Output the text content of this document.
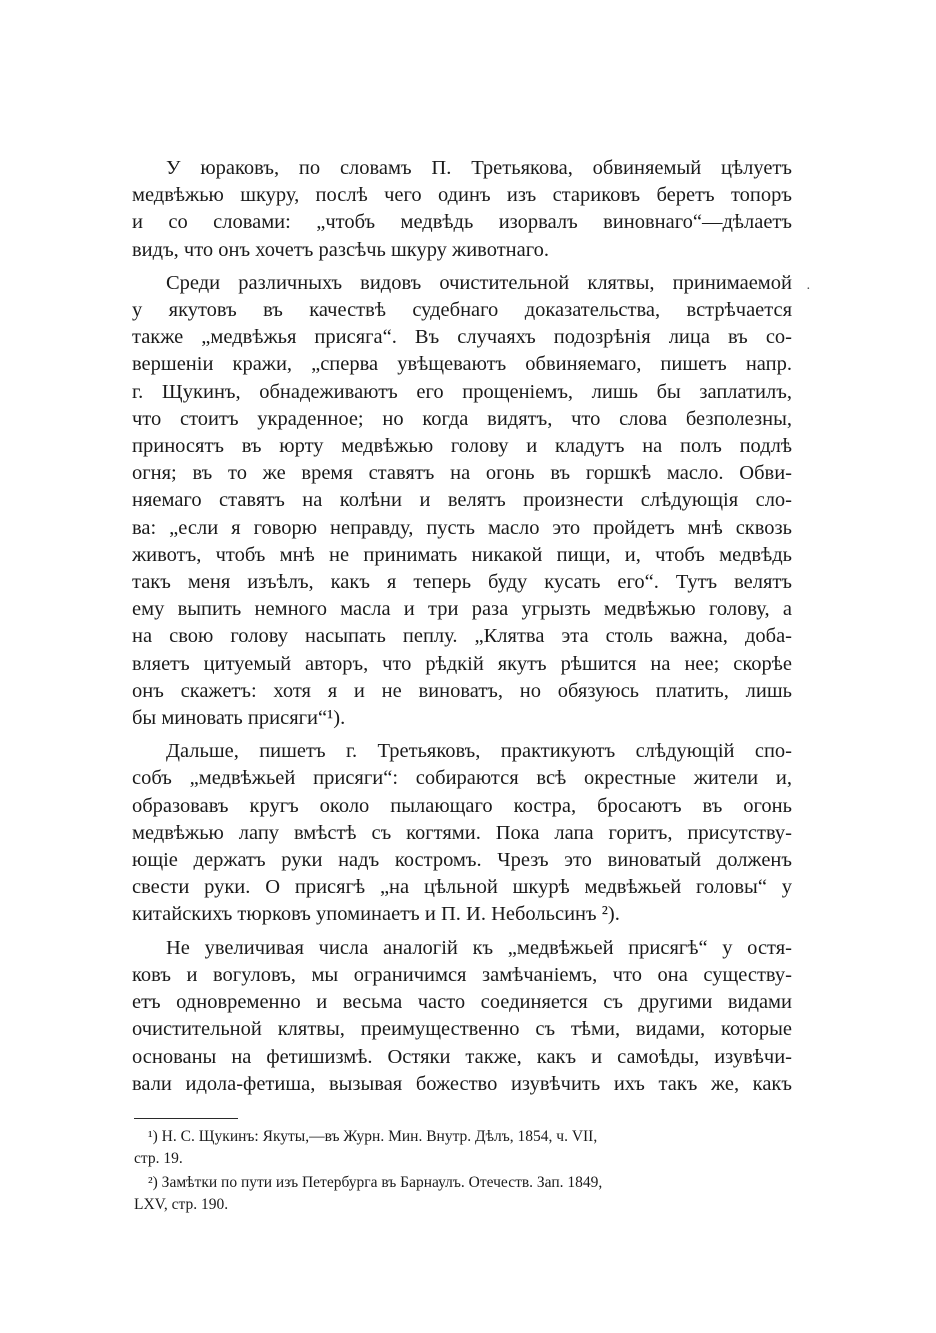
У юраковъ, по словамъ П. Третьякова, обвиняемый цѣлуетъ
медвѣжью шкуру, послѣ чего одинъ изъ стариковъ беретъ топоръ
и со словами: „чтобъ медвѣдь изорвалъ виновнаго“—дѣлаетъ
видъ, что онъ хочетъ разсѣчь шкуру животнаго.

Среди различныхъ видовъ очистительной клятвы, принимаемой
у якутовъ въ качествѣ судебнаго доказательства, встрѣчается
также „медвѣжья присяга“. Въ случаяхъ подозрѣнія лица въ со-
вершеніи кражи, „сперва увѣщеваютъ обвиняемаго, пишетъ напр.
г. Щукинъ, обнадеживаютъ его прощеніемъ, лишь бы заплатилъ,
что стоитъ украденное; но когда видятъ, что слова безполезны,
приносятъ въ юрту медвѣжью голову и кладутъ на полъ подлѣ
огня; въ то же время ставятъ на огонь въ горшкѣ масло. Обви-
няемаго ставятъ на колѣни и велятъ произнести слѣдующія сло-
ва: „если я говорю неправду, пусть масло это пройдетъ мнѣ сквозь
животъ, чтобъ мнѣ не принимать никакой пищи, и, чтобъ медвѣдь
такъ меня изъѣлъ, какъ я теперь буду кусать его“. Тутъ велятъ
ему выпить немного масла и три раза угрызть медвѣжью голову, а
на свою голову насыпать пеплу. „Клятва эта столь важна, доба-
вляетъ цитуемый авторъ, что рѣдкій якутъ рѣшится на нее; скорѣе
онъ скажетъ: хотя я и не виноватъ, но обязуюсь платить, лишь
бы миновать присяги“¹).

Дальше, пишетъ г. Третьяковъ, практикуютъ слѣдующій спо-
собъ „медвѣжьей присяги“: собираются всѣ окрестные жители и,
образовавъ кругъ около пылающаго костра, бросаютъ въ огонь
медвѣжью лапу вмѣстѣ съ когтями. Пока лапа горитъ, присутству-
ющіе держатъ руки надъ костромъ. Чрезъ это виноватый долженъ
свести руки. О присягѣ „на цѣльной шкурѣ медвѣжьей головы“ у
китайскихъ тюрковъ упоминаетъ и П. И. Небольсинъ ²).

Не увеличивая числа аналогій къ „медвѣжьей присягѣ“ у остя-
ковъ и вогуловъ, мы ограничимся замѣчаніемъ, что она существу-
етъ одновременно и весьма часто соединяется съ другими видами
очистительной клятвы, преимущественно съ тѣми, видами, которые
основаны на фетишизмѣ. Остяки также, какъ и самоѣды, изувѣчи-
вали идола-фетиша, вызывая божество изувѣчить ихъ такъ же, какъ

·

¹) Н. С. Щукинъ: Якуты,—въ Журн. Мин. Внутр. Дѣлъ, 1854, ч. VII,
стр. 19.

²) Замѣтки по пути изъ Петербурга въ Барнаулъ. Отечеств. Зап. 1849,
LXV, стр. 190.
